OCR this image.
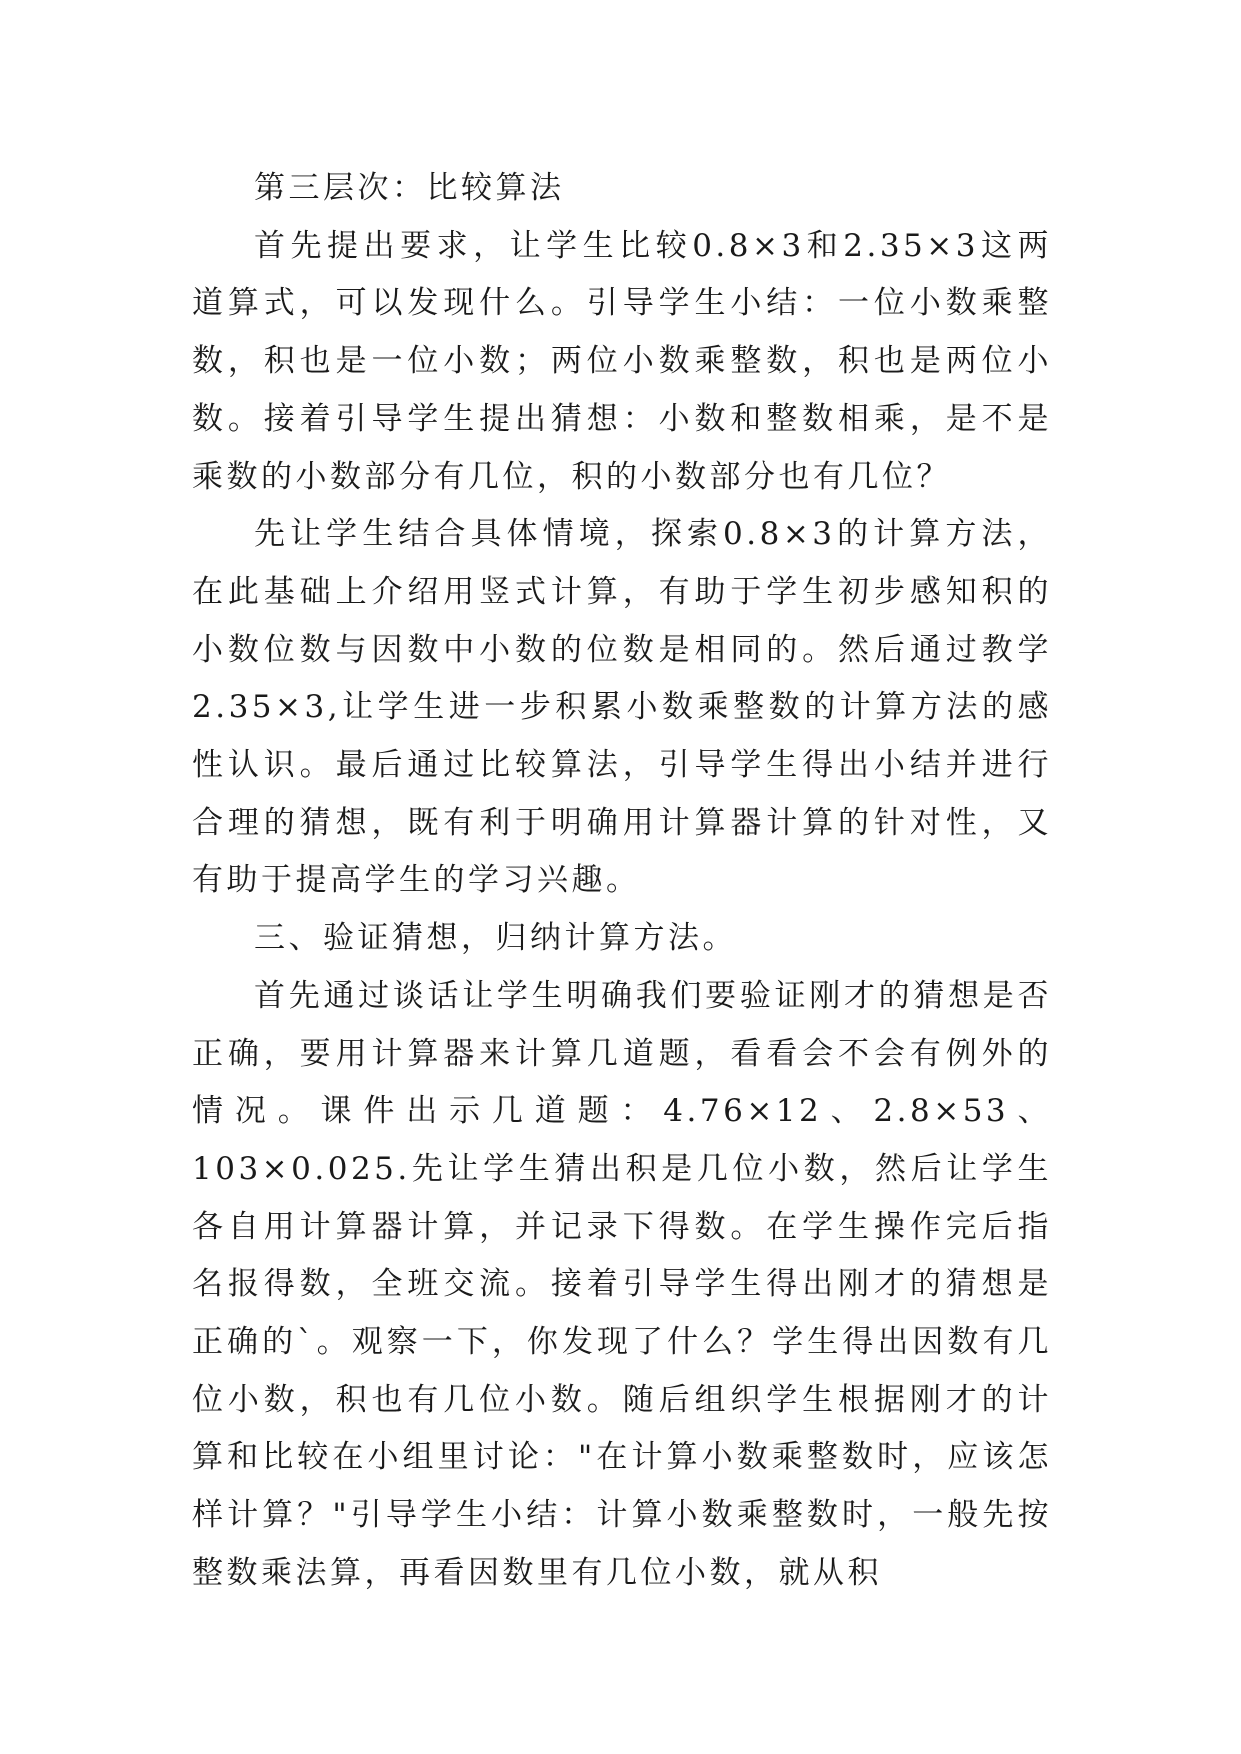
第三层次：比较算法

首先提出要求，让学生比较0.8×3和2.35×3这两道算式，可以发现什么。引导学生小结：一位小数乘整数，积也是一位小数；两位小数乘整数，积也是两位小数。接着引导学生提出猜想：小数和整数相乘，是不是乘数的小数部分有几位，积的小数部分也有几位？

先让学生结合具体情境，探索0.8×3的计算方法，在此基础上介绍用竖式计算，有助于学生初步感知积的小数位数与因数中小数的位数是相同的。然后通过教学2.35×3,让学生进一步积累小数乘整数的计算方法的感性认识。最后通过比较算法，引导学生得出小结并进行合理的猜想，既有利于明确用计算器计算的针对性，又有助于提高学生的学习兴趣。

三、验证猜想，归纳计算方法。

首先通过谈话让学生明确我们要验证刚才的猜想是否正确，要用计算器来计算几道题，看看会不会有例外的情况。课件出示几道题：4.76×12、2.8×53、103×0.025.先让学生猜出积是几位小数，然后让学生各自用计算器计算，并记录下得数。在学生操作完后指名报得数，全班交流。接着引导学生得出刚才的猜想是正确的`。观察一下，你发现了什么？学生得出因数有几位小数，积也有几位小数。随后组织学生根据刚才的计算和比较在小组里讨论："在计算小数乘整数时，应该怎样计算？"引导学生小结：计算小数乘整数时，一般先按整数乘法算，再看因数里有几位小数，就从积
